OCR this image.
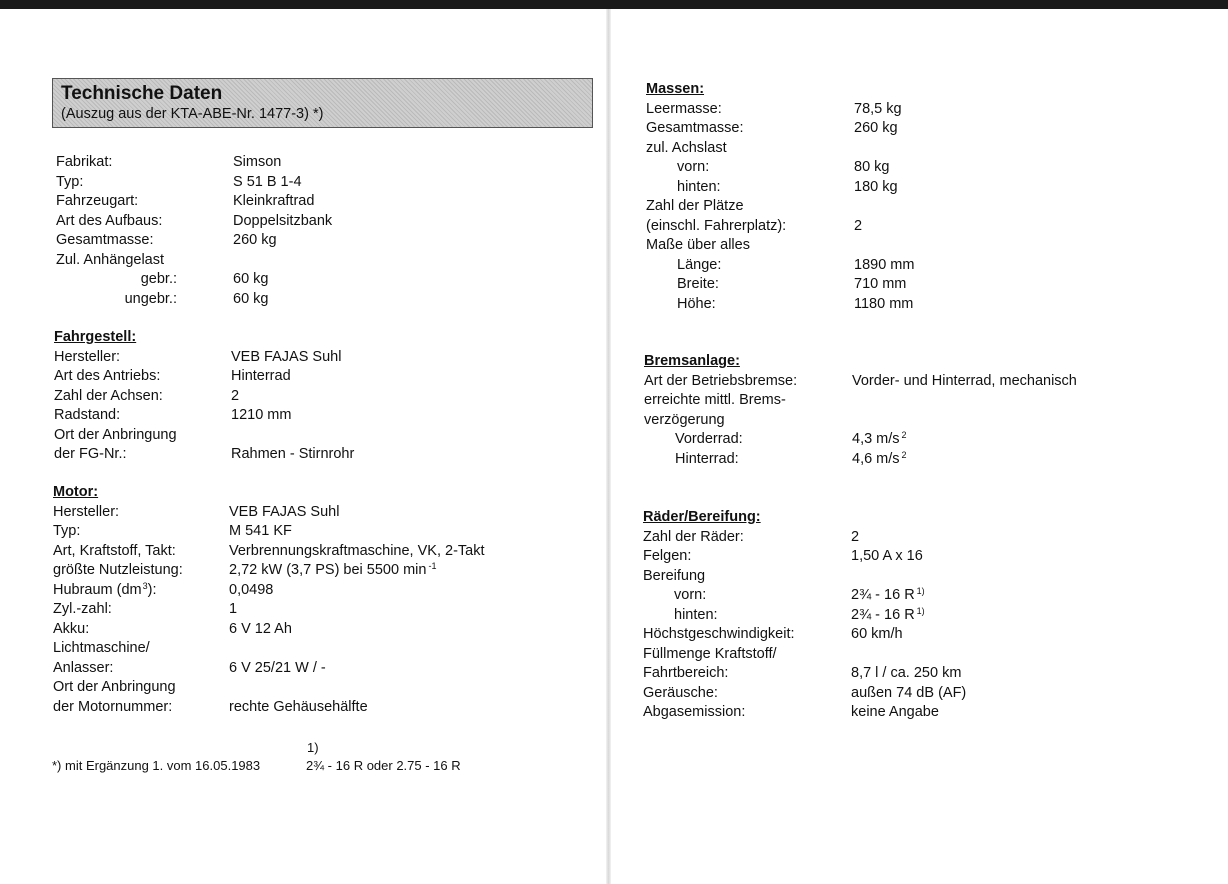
Technische Daten
(Auszug aus der KTA-ABE-Nr. 1477-3) *)
Fabrikat:	Simson
Typ:	S 51 B 1-4
Fahrzeugart:	Kleinkraftrad
Art des Aufbaus:	Doppelsitzbank
Gesamtmasse:	260 kg
Zul. Anhängelast
gebr.:	60 kg
ungebr.:	60 kg
Fahrgestell:
Hersteller:	VEB FAJAS Suhl
Art des Antriebs:	Hinterrad
Zahl der Achsen:	2
Radstand:	1210 mm
Ort der Anbringung
der FG-Nr.:	Rahmen - Stirnrohr
Motor:
Hersteller:	VEB FAJAS Suhl
Typ:	M 541 KF
Art, Kraftstoff, Takt:	Verbrennungskraftmaschine, VK, 2-Takt
größte Nutzleistung:	2,72 kW (3,7 PS) bei 5500 min $^{-1}$
Hubraum $(dm^3)$:	0,0498
Zyl.-zahl:	1
Akku:	6 V 12 Ah
Lichtmaschine/
Anlasser:	6 V 25/21 W / -
Ort der Anbringung
der Motornummer:	rechte Gehäusehälfte
1)
*) mit Ergänzung 1. vom 16.05.1983	2¾ - 16 R oder 2.75 - 16 R
Massen:
Leermasse:	78,5 kg
Gesamtmasse:	260 kg
zul. Achslast
vorn:	80 kg
hinten:	180 kg
Zahl der Plätze
(einschl. Fahrerplatz):	2
Maße über alles
Länge:	1890 mm
Breite:	710 mm
Höhe:	1180 mm
Bremsanlage:
Art der Betriebsbremse:	Vorder- und Hinterrad, mechanisch
erreichte mittl. Brems-
verzögerung
Vorderrad:	4,3 m/s $^2$
Hinterrad:	4,6 m/s $^2$
Räder/Bereifung:
Zahl der Räder:	2
Felgen:	1,50 A x 16
Bereifung
vorn:	2¾ - 16 R $^{1)}$
hinten:	2¾ - 16 R $^{1)}$
Höchstgeschwindigkeit:	60 km/h
Füllmenge Kraftstoff/
Fahrtbereich:	8,7 l / ca. 250 km
Geräusche:	außen 74 dB (AF)
Abgasemission:	keine Angabe
